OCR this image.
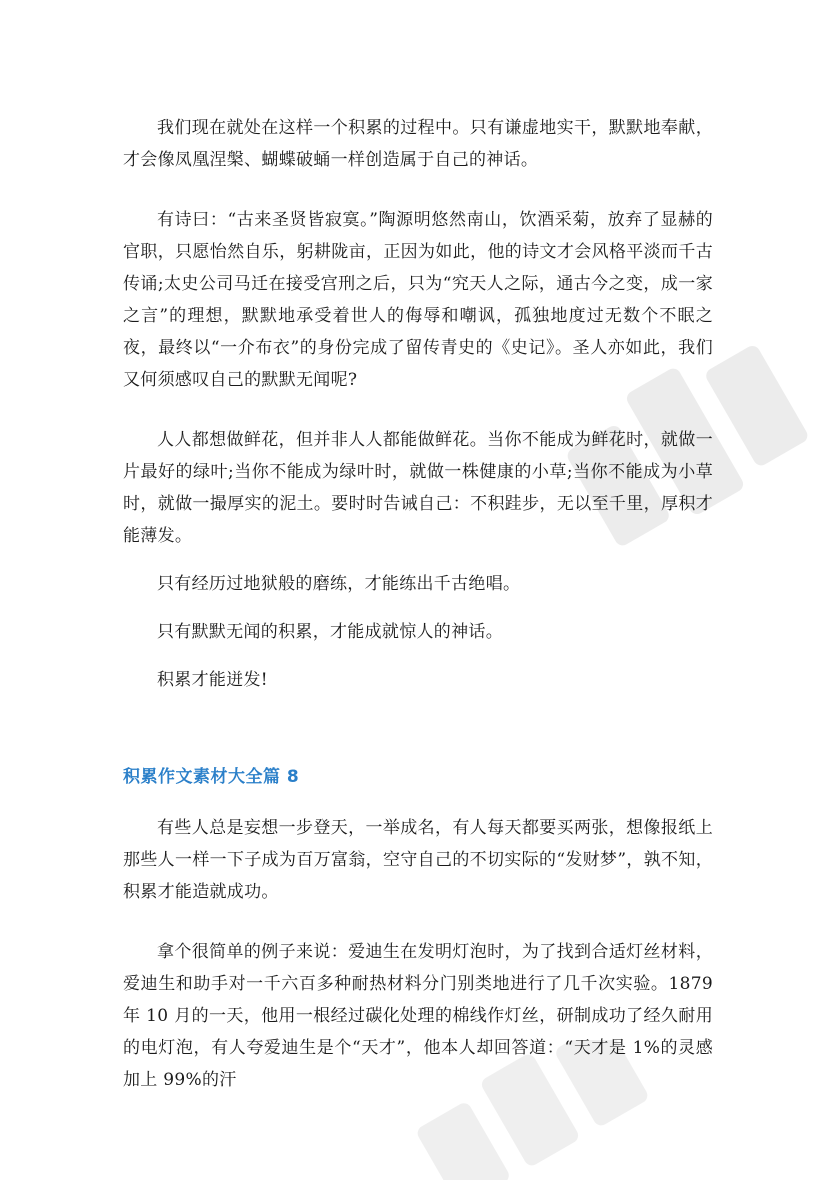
我们现在就处在这样一个积累的过程中。只有谦虚地实干，默默地奉献，才会像凤凰涅槃、蝴蝶破蛹一样创造属于自己的神话。

有诗曰：“古来圣贤皆寂寞。”陶源明悠然南山，饮酒采菊，放弃了显赫的官职，只愿怡然自乐，躬耕陇亩，正因为如此，他的诗文才会风格平淡而千古传诵;太史公司马迁在接受宫刑之后，只为“究天人之际，通古今之变，成一家之言”的理想，默默地承受着世人的侮辱和嘲讽，孤独地度过无数个不眠之夜，最终以“一介布衣”的身份完成了留传青史的《史记》。圣人亦如此，我们又何须感叹自己的默默无闻呢?

人人都想做鲜花，但并非人人都能做鲜花。当你不能成为鲜花时，就做一片最好的绿叶;当你不能成为绿叶时，就做一株健康的小草;当你不能成为小草时，就做一撮厚实的泥土。要时时告诫自己：不积跬步，无以至千里，厚积才能薄发。

只有经历过地狱般的磨练，才能练出千古绝唱。

只有默默无闻的积累，才能成就惊人的神话。

积累才能迸发!

积累作文素材大全篇 8

有些人总是妄想一步登天，一举成名，有人每天都要买两张，想像报纸上那些人一样一下子成为百万富翁，空守自己的不切实际的“发财梦”，孰不知，积累才能造就成功。

拿个很简单的例子来说：爱迪生在发明灯泡时，为了找到合适灯丝材料，爱迪生和助手对一千六百多种耐热材料分门别类地进行了几千次实验。1879 年 10 月的一天，他用一根经过碳化处理的棉线作灯丝，研制成功了经久耐用的电灯泡，有人夸爱迪生是个“天才”，他本人却回答道：“天才是 1%的灵感加上 99%的汗
